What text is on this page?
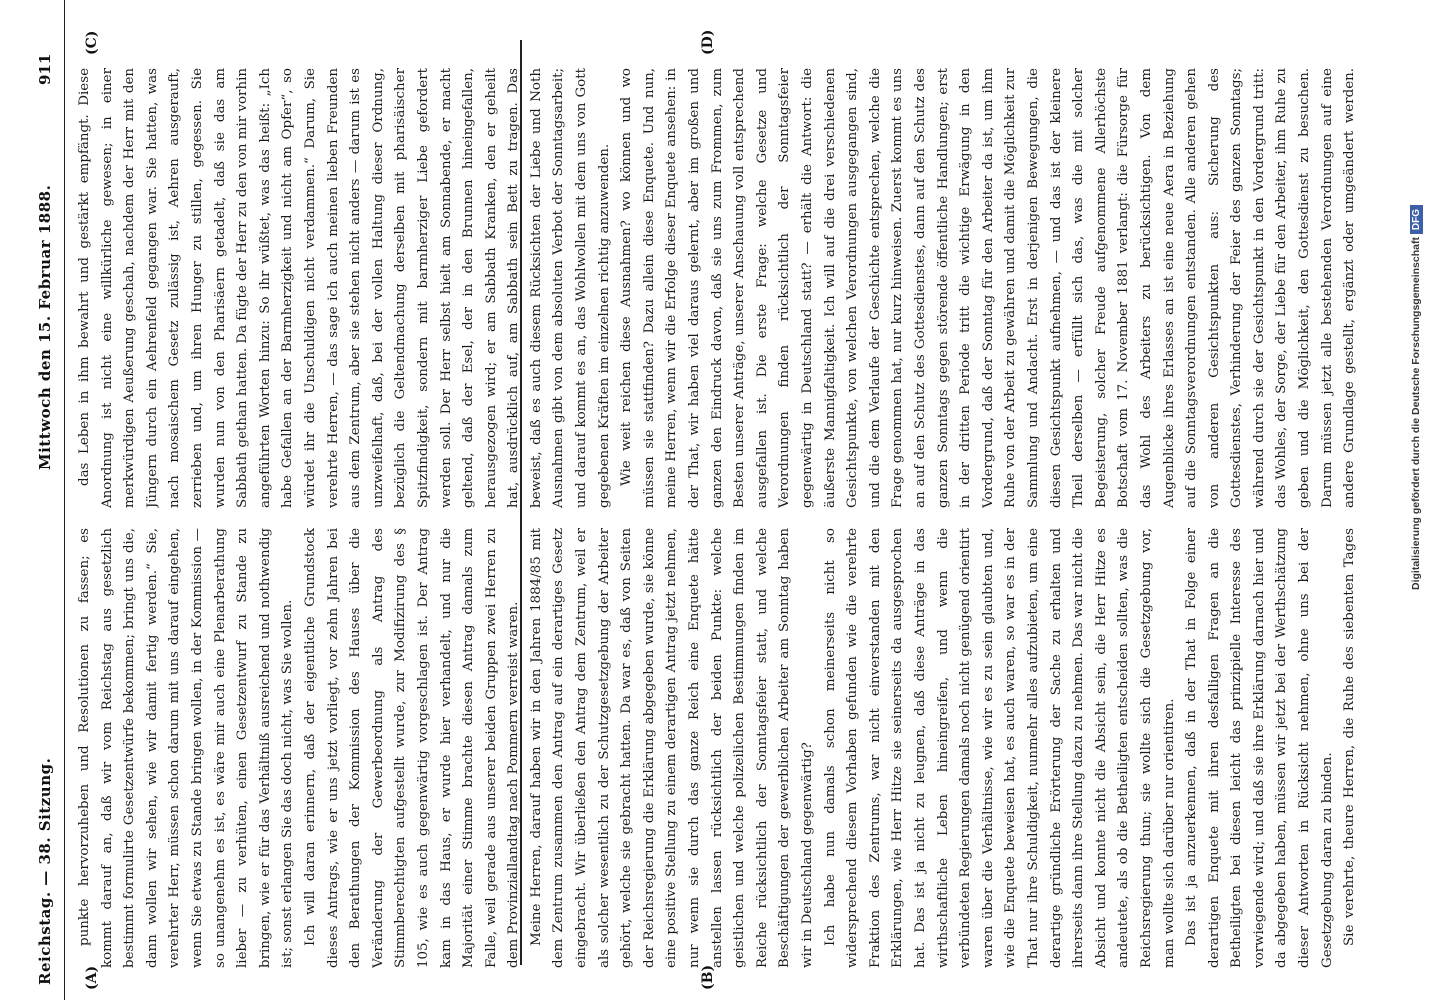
Reichstag. — 38. Sitzung.
Mittwoch den 15. Februar 1888.
911
(A)	(B)
(C)	(D)

punkte hervorzuheben und Resolutionen zu fassen; es kommt darauf an, daß wir vom Reichstag aus gesetzlich bestimmt formulirte Gesetzentwürfe bekommen; bringt uns die, dann wollen wir sehen, wie wir damit fertig werden.“ Sie, verehrter Herr, müssen schon darum mit uns darauf eingehen, wenn Sie etwas zu Stande bringen wollen, in der Kommission — so unangenehm es ist, es wäre mir auch eine Plenarberathung lieber — zu verhüten, einen Gesetzentwurf zu Stande zu bringen, wie er für das Verhältniß ausreichend und nothwendig ist; sonst erlangen Sie das doch nicht, was Sie wollen. Ich will daran erinnern, daß der eigentliche Grundstock dieses Antrags, wie er uns jetzt vorliegt, vor zehn Jahren bei den Berathungen der Kommission des Hauses über die Veränderung der Gewerbeordnung als Antrag des Stimmberechtigten aufgestellt wurde, zur Modifizirung des § 105, wie es auch gegenwärtig vorgeschlagen ist. Der Antrag kam in das Haus, er wurde hier verhandelt, und nur die Majorität einer Stimme brachte diesen Antrag damals zum Falle, weil gerade aus unserer beiden Gruppen zwei Herren zu dem Provinziallandtag nach Pommern verreist waren. Meine Herren, darauf haben wir in den Jahren 1884/85 mit dem Zentrum zusammen den Antrag auf ein derartiges Gesetz eingebracht. Wir überließen den Antrag dem Zentrum, weil er als solcher wesentlich zu der Schutzgesetzgebung der Arbeiter gehört, welche sie gebracht hatten. Da war es, daß von Seiten der Reichsregierung die Erklärung abgegeben wurde, sie könne eine positive Stellung zu einem derartigen Antrag jetzt nehmen, nur wenn sie durch das ganze Reich eine Enquete hätte anstellen lassen rücksichtlich der beiden Punkte: welche geistlichen und welche polizeilichen Bestimmungen finden im Reiche rücksichtlich der Sonntagsfeier statt, und welche Beschäftigungen der gewerblichen Arbeiter am Sonntag haben wir in Deutschland gegenwärtig? Ich habe nun damals schon meinerseits nicht so widersprechend diesem Vorhaben gefunden wie die verehrte Fraktion des Zentrums, war nicht einverstanden mit den Erklärungen, wie Herr Hitze sie seinerseits da ausgesprochen hat. Das ist ja nicht zu leugnen, daß diese Anträge in das wirthschaftliche Leben hineingreifen, und wenn die verbündeten Regierungen damals noch nicht genügend orientirt waren über die Verhältnisse, wie wir es zu sein glaubten und, wie die Enquete beweisen hat, es auch waren, so war es in der That nur ihre Schuldigkeit, nunmehr alles aufzubieten, um eine derartige gründliche Erörterung der Sache zu erhalten und ihrerseits dann ihre Stellung dazu zu nehmen. Das war nicht die Absicht und konnte nicht die Absicht sein, die Herr Hitze es andeutete, als ob die Betheiligten entscheiden sollten, was die Reichsregierung thun; sie wollte sich die Gesetzgebung vor, man wollte sich darüber nur orientiren. Das ist ja anzuerkennen, daß in der That in Folge einer derartigen Enquete mit ihren desfalligen Fragen an die Betheiligten bei diesen leicht das prinzipielle Interesse des vorwiegende wird; und daß sie ihre Erklärung darnach hier und da abgegeben haben, müssen wir jetzt bei der Werthschätzung dieser Antworten in Rücksicht nehmen, ohne uns bei der Gesetzgebung daran zu binden. Sie verehrte, theure Herren, die Ruhe des siebenten Tages

das Leben in ihm bewahrt und gestärkt empfängt. Diese Anordnung ist nicht eine willkürliche gewesen; in einer merkwürdigen Aeußerung geschah, nachdem der Herr mit den Jüngern durch ein Aehrenfeld gegangen war. Sie hatten, was nach mosaischem Gesetz zulässig ist, Aehren ausgerauft, zerrieben und, um ihren Hunger zu stillen, gegessen. Sie wurden nun von den Pharisäern getadelt, daß sie das am Sabbath gethan hatten. Da fügte der Herr zu den von mir vorhin angeführten Worten hinzu: So ihr wüßtet, was das heißt: „Ich habe Gefallen an der Barmherzigkeit und nicht am Opfer“, so würdet ihr die Unschuldigen nicht verdammen.“ Darum, Sie verehrte Herren, — das sage ich auch meinen lieben Freunden aus dem Zentrum, aber sie stehen nicht anders — darum ist es unzweifelhaft, daß, bei der vollen Haltung dieser Ordnung, bezüglich die Geltendmachung derselben mit pharisäischer Spitzfindigkeit, sondern mit barmherziger Liebe gefordert werden soll. Der Herr selbst hielt am Sonnabende, er macht geltend, daß der Esel, der in den Brunnen hineingefallen, herausgezogen wird; er am Sabbath Kranken, den er geheilt hat, ausdrücklich auf, am Sabbath sein Bett zu tragen. Das beweist, daß es auch diesem Rücksichten der Liebe und Noth Ausnahmen gibt von dem absoluten Verbot der Sonntagsarbeit; und darauf kommt es an, das Wohlwollen mit dem uns von Gott gegebenen Kräften im einzelnen richtig anzuwenden. Wie weit reichen diese Ausnahmen? wo können und wo müssen sie stattfinden? Dazu allein diese Enquete. Und nun, meine Herren, wenn wir die Erfolge dieser Enquete ansehen: in der That, wir haben viel daraus gelernt, aber im großen und ganzen den Eindruck davon, daß sie uns zum Frommen, zum Besten unserer Anträge, unserer Anschauung voll entsprechend ausgefallen ist. Die erste Frage: welche Gesetze und Verordnungen finden rücksichtlich der Sonntagsfeier gegenwärtig in Deutschland statt? — erhält die Antwort: die äußerste Mannigfaltigkeit. Ich will auf die drei verschiedenen Gesichtspunkte, von welchen Verordnungen ausgegangen sind, und die dem Verlaufe der Geschichte entsprechen, welche die Frage genommen hat, nur kurz hinweisen. Zuerst kommt es uns an auf den Schutz des Gottesdienstes, dann auf den Schutz des ganzen Sonntags gegen störende öffentliche Handlungen; erst in der dritten Periode tritt die wichtige Erwägung in den Vordergrund, daß der Sonntag für den Arbeiter da ist, um ihm Ruhe von der Arbeit zu gewähren und damit die Möglichkeit zur Sammlung und Andacht. Erst in derjenigen Bewegungen, die diesen Gesichtspunkt aufnehmen, — und das ist der kleinere Theil derselben — erfüllt sich das, was die mit solcher Begeisterung, solcher Freude aufgenommene Allerhöchste Botschaft vom 17. November 1881 verlangt: die Fürsorge für das Wohl des Arbeiters zu berücksichtigen. Von dem Augenblicke ihres Erlasses an ist eine neue Aera in Beziehung auf die Sonntagsverordnungen entstanden. Alle anderen gehen von anderen Gesichtspunkten aus: Sicherung des Gottesdienstes, Verhinderung der Feier des ganzen Sonntags; während durch sie der Gesichtspunkt in den Vordergrund tritt: das Wohles, der Sorge, der Liebe für den Arbeiter, ihm Ruhe zu geben und die Möglichkeit, den Gottesdienst zu besuchen. Darum müssen jetzt alle bestehenden Verordnungen auf eine andere Grundlage gestellt, ergänzt oder umgeändert werden.

Digitalisierung gefördert durch die Deutsche Forschungsgemeinschaft DFG
